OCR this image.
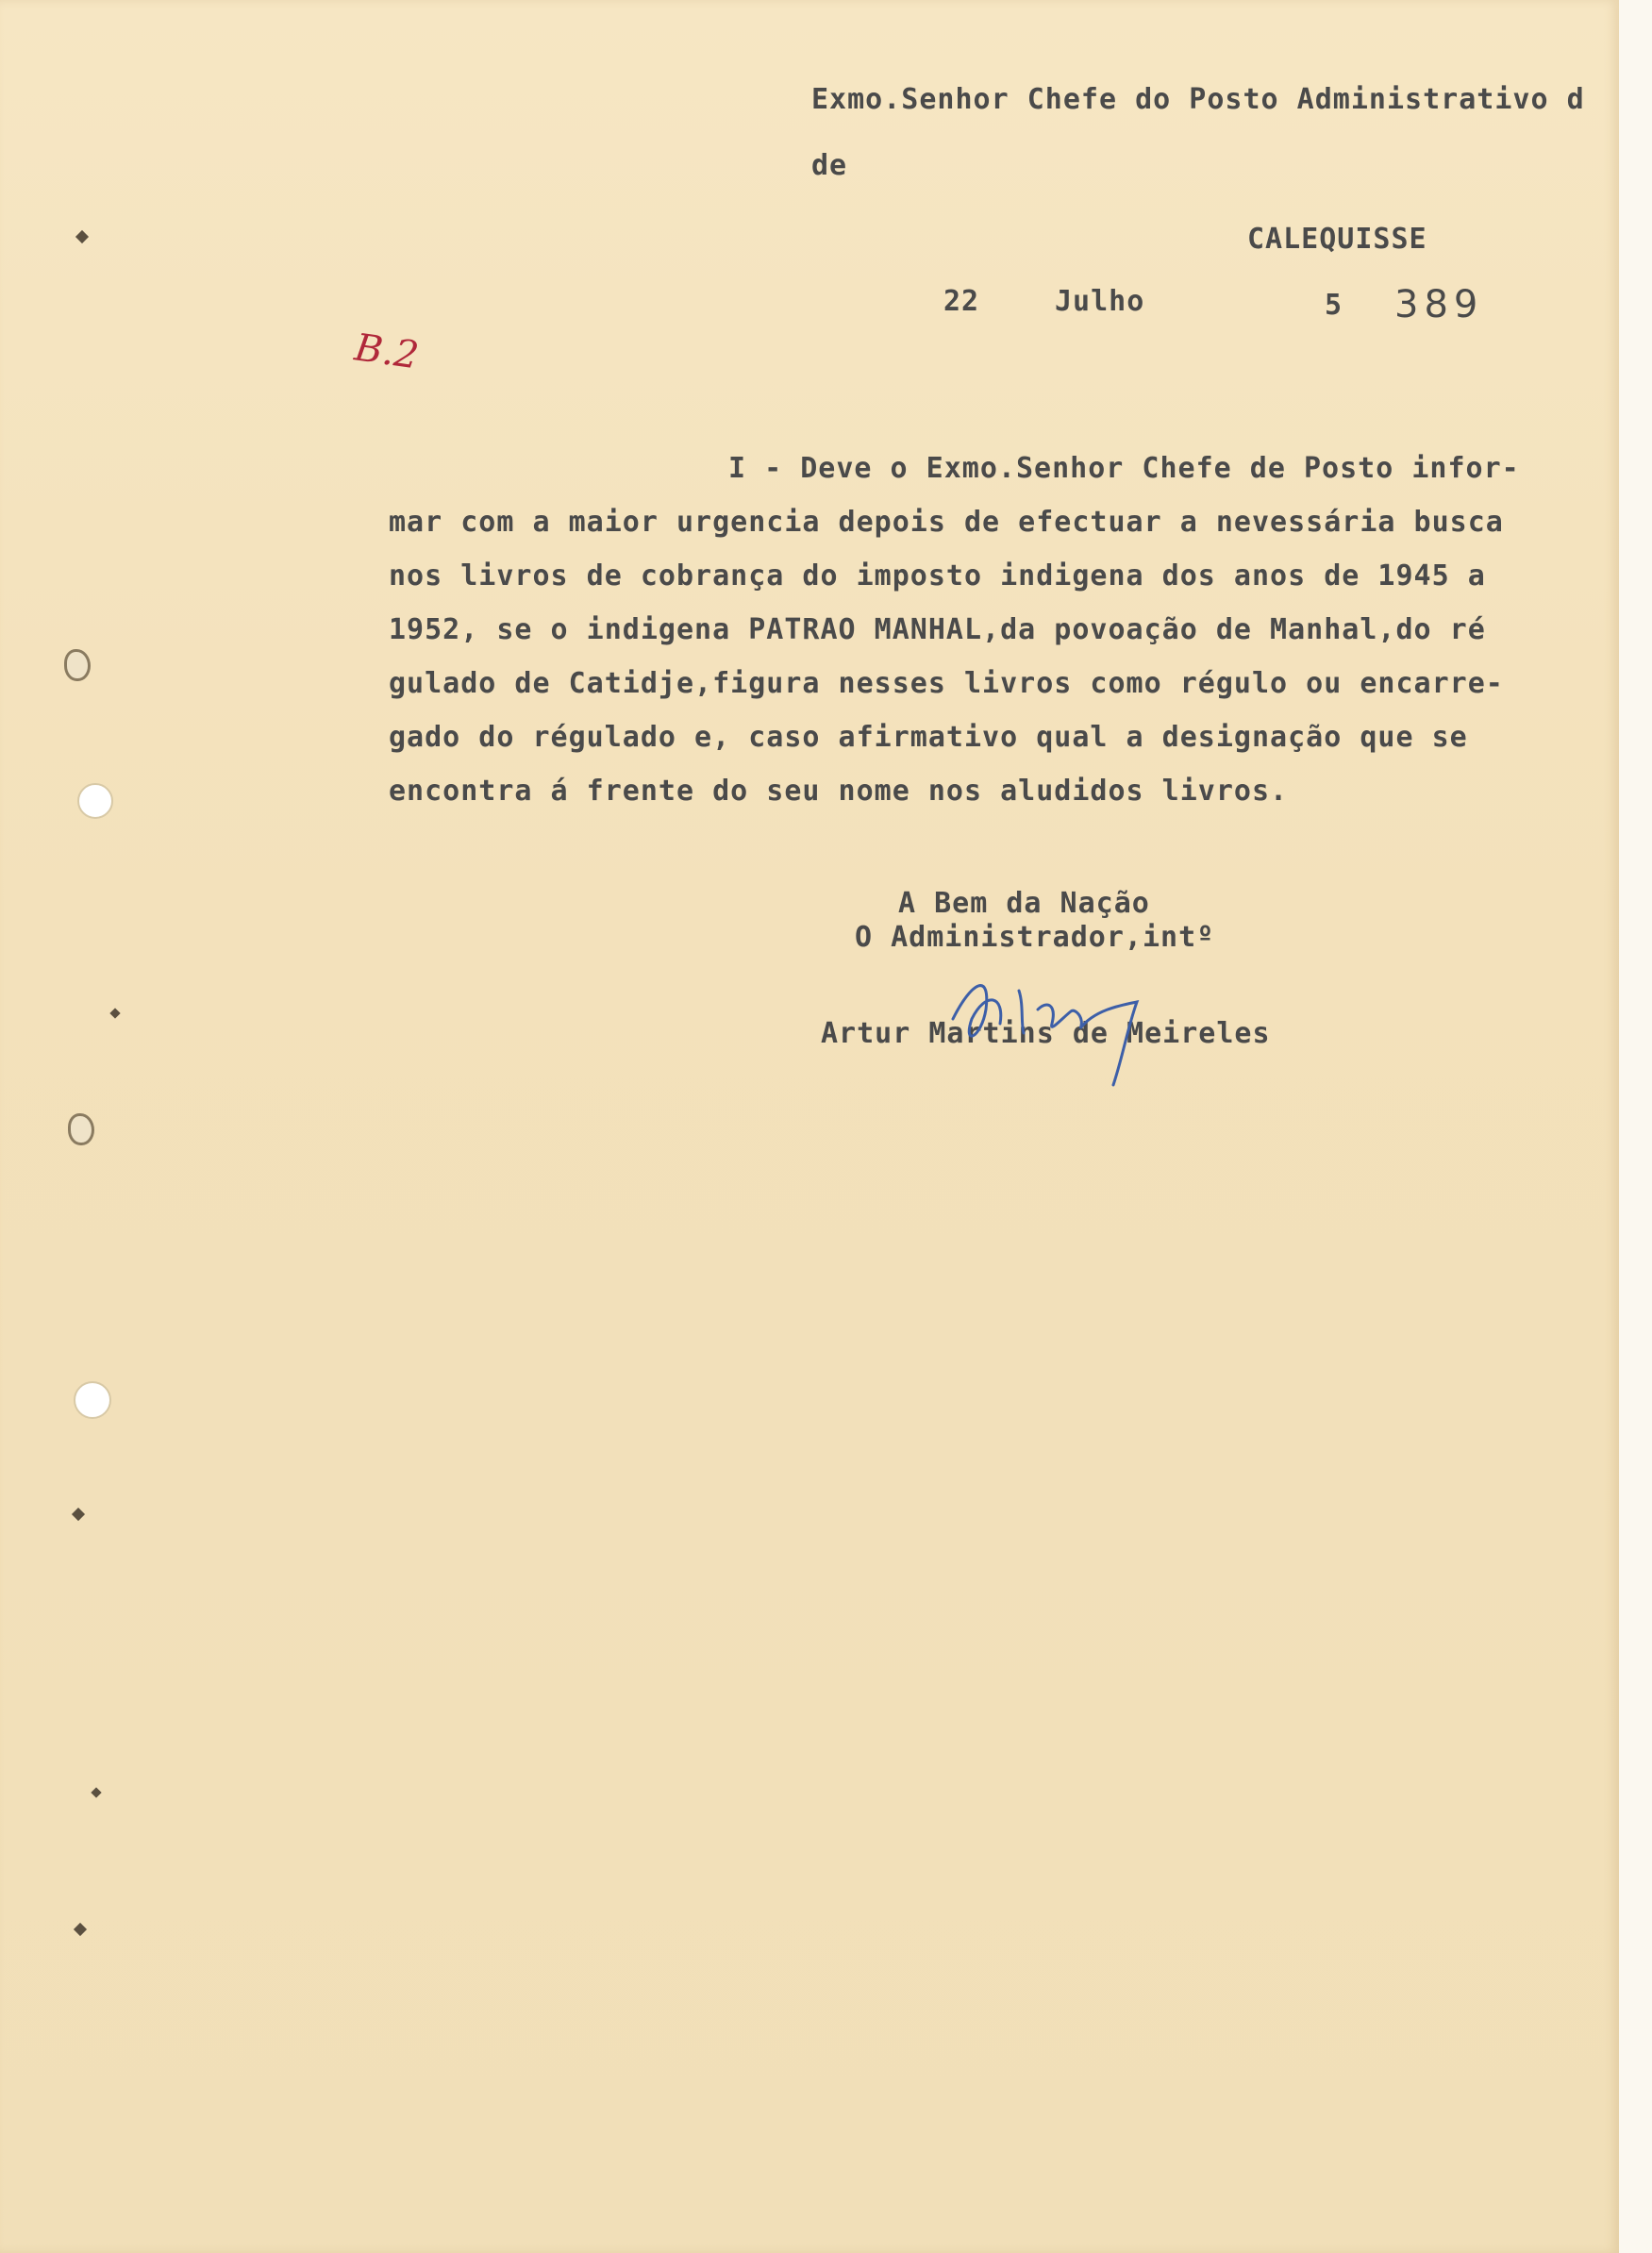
Exmo.Senhor Chefe do Posto Administrativo d

de

CALEQUISSE

22	Julho	5 389

B.2

I - Deve o Exmo.Senhor Chefe de Posto infor-
mar com a maior urgencia depois de efectuar a nevessária busca
nos livros de cobrança do imposto indigena dos anos de 1945 a
1952, se o indigena PATRAO MANHAL,da povoação de Manhal,do ré
gulado de Catidje,figura nesses livros como régulo ou encarre-
gado do régulado e, caso afirmativo qual a designação que se
encontra á frente do seu nome nos aludidos livros.

A Bem da Nação

O Administrador,intº

Artur Martins de Meireles
